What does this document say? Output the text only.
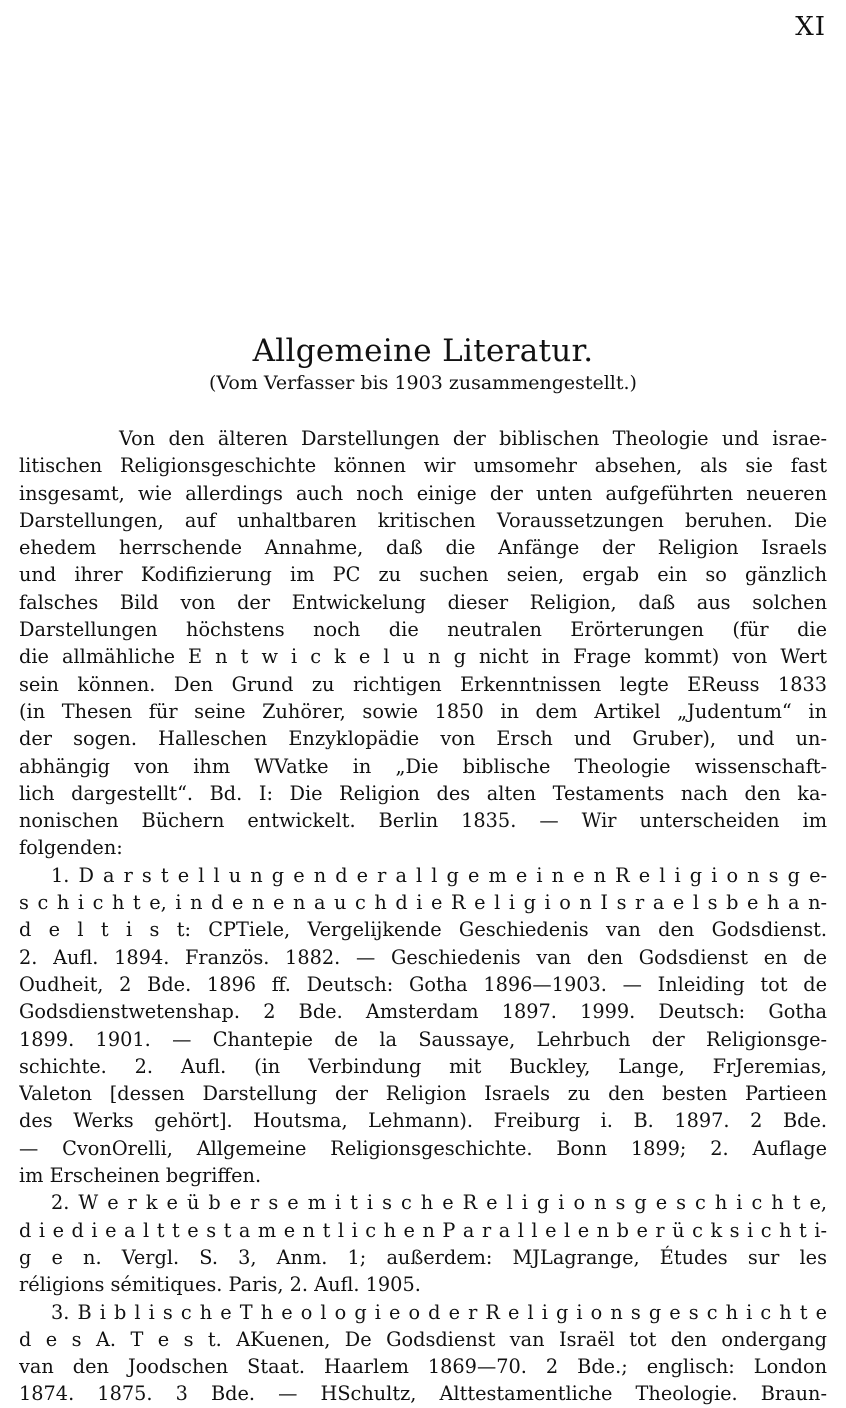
XI
Allgemeine Literatur.
(Vom Verfasser bis 1903 zusammengestellt.)
Von den älteren Darstellungen der biblischen Theologie und israe-
litischen Religionsgeschichte können wir umsomehr absehen, als sie fast
insgesamt, wie allerdings auch noch einige der unten aufgeführten neueren
Darstellungen, auf unhaltbaren kritischen Voraussetzungen beruhen. Die
ehedem herrschende Annahme, daß die Anfänge der Religion Israels
und ihrer Kodifizierung im PC zu suchen seien, ergab ein so gänzlich
falsches Bild von der Entwickelung dieser Religion, daß aus solchen
Darstellungen höchstens noch die neutralen Erörterungen (für die
die allmähliche E n t w i c k e l u n g nicht in Frage kommt) von Wert
sein können. Den Grund zu richtigen Erkenntnissen legte EReuss 1833
(in Thesen für seine Zuhörer, sowie 1850 in dem Artikel „Judentum“ in
der sogen. Halleschen Enzyklopädie von Ersch und Gruber), und un-
abhängig von ihm WVatke in „Die biblische Theologie wissenschaft-
lich dargestellt“. Bd. I: Die Religion des alten Testaments nach den ka-
nonischen Büchern entwickelt. Berlin 1835. — Wir unterscheiden im
folgenden:
1. D a r s t e l l u n g e n d e r a l l g e m e i n e n R e l i g i o n s g e-
s c h i c h t e, i n d e n e n a u c h d i e R e l i g i o n I s r a e l s b e h a n-
d e l t i s t: CPTiele, Vergelijkende Geschiedenis van den Godsdienst.
2. Aufl. 1894. Französ. 1882. — Geschiedenis van den Godsdienst en de
Oudheit, 2 Bde. 1896 ff. Deutsch: Gotha 1896—1903. — Inleiding tot de
Godsdienstwetenshap. 2 Bde. Amsterdam 1897. 1999. Deutsch: Gotha
1899. 1901. — Chantepie de la Saussaye, Lehrbuch der Religionsge-
schichte. 2. Aufl. (in Verbindung mit Buckley, Lange, FrJeremias,
Valeton [dessen Darstellung der Religion Israels zu den besten Partieen
des Werks gehört]. Houtsma, Lehmann). Freiburg i. B. 1897. 2 Bde.
— CvonOrelli, Allgemeine Religionsgeschichte. Bonn 1899; 2. Auflage
im Erscheinen begriffen.
2. W e r k e ü b e r s e m i t i s c h e R e l i g i o n s g e s c h i c h t e,
d i e d i e a l t t e s t a m e n t l i c h e n P a r a l l e l e n b e r ü c k s i c h t i-
g e n. Vergl. S. 3, Anm. 1; außerdem: MJLagrange, Études sur les
réligions sémitiques. Paris, 2. Aufl. 1905.
3. B i b l i s c h e T h e o l o g i e o d e r R e l i g i o n s g e s c h i c h t e
d e s A. T e s t. AKuenen, De Godsdienst van Israël tot den ondergang
van den Joodschen Staat. Haarlem 1869—70. 2 Bde.; englisch: London
1874. 1875. 3 Bde. — HSchultz, Alttestamentliche Theologie. Braun-
